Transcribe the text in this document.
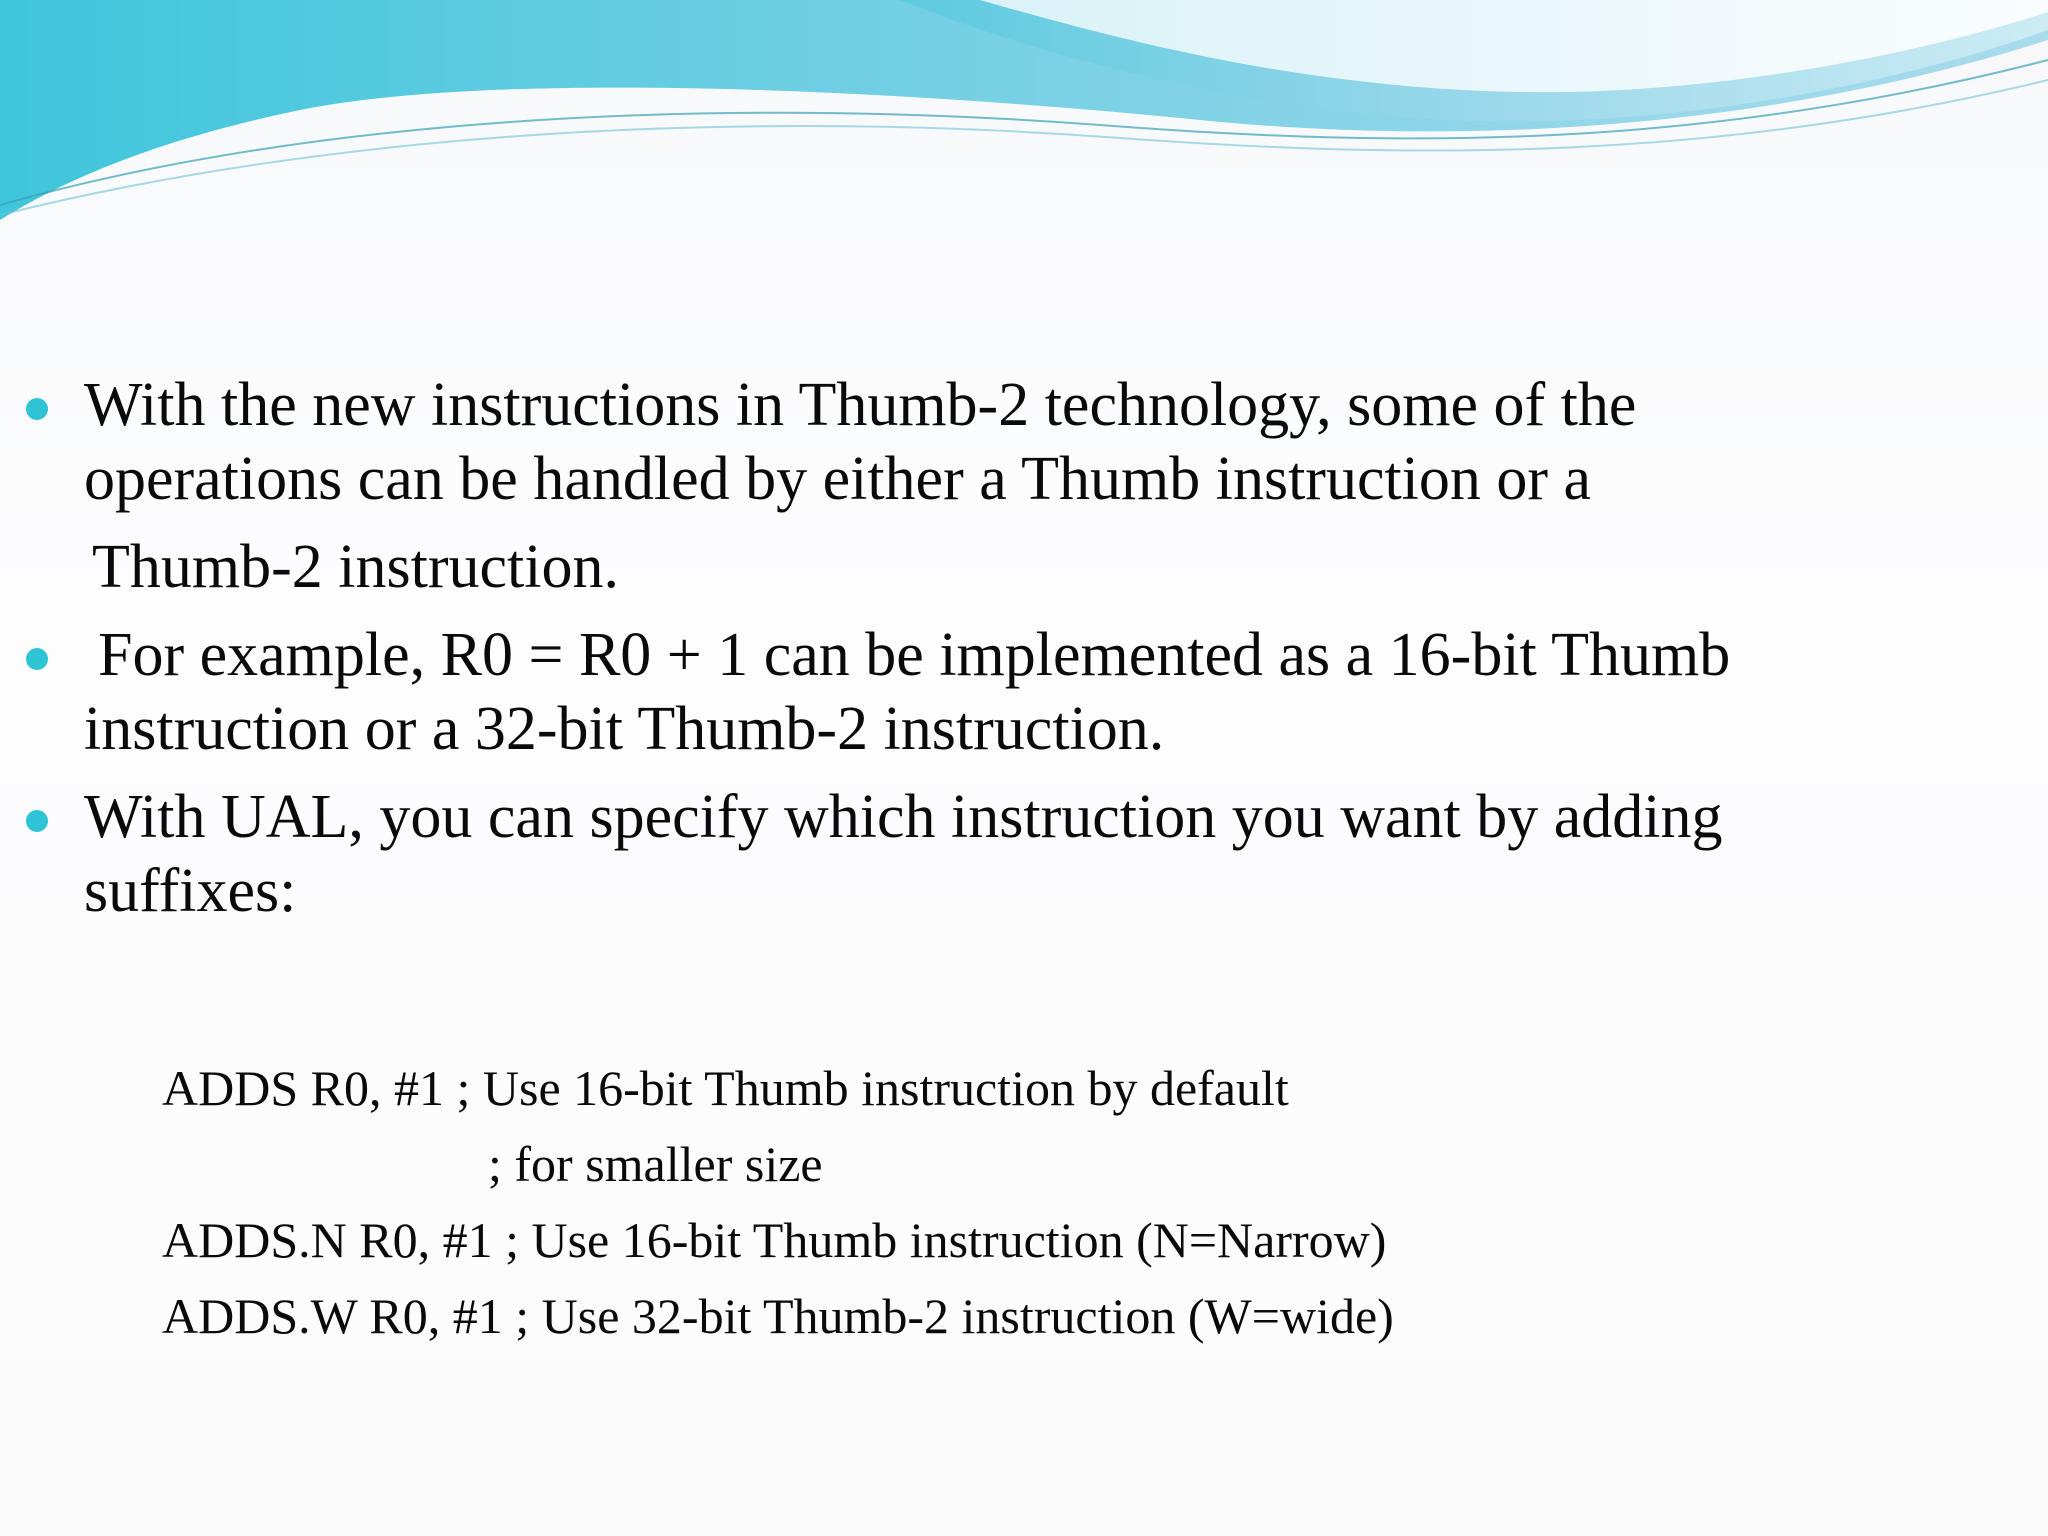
With the new instructions in Thumb-2 technology, some of the
operations can be handled by either a Thumb instruction or a
Thumb-2 instruction.
For example, R0 = R0 + 1 can be implemented as a 16-bit Thumb
instruction or a 32-bit Thumb-2 instruction.
With UAL, you can specify which instruction you want by adding
suffixes:
ADDS R0, #1 ; Use 16-bit Thumb instruction by default
; for smaller size
ADDS.N R0, #1 ; Use 16-bit Thumb instruction (N=Narrow)
ADDS.W R0, #1 ; Use 32-bit Thumb-2 instruction (W=wide)
